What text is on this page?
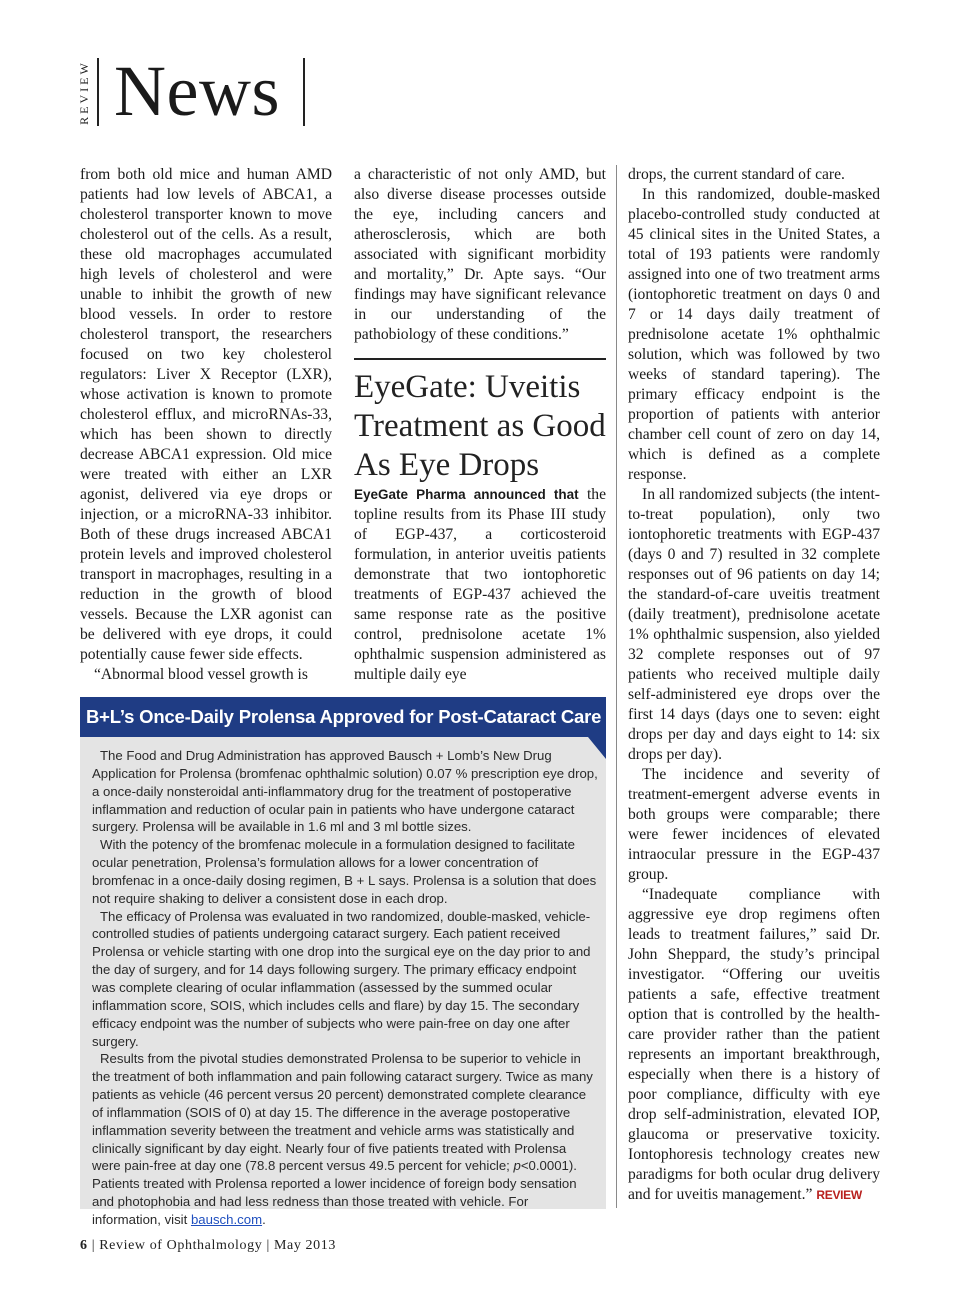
REVIEW News

from both old mice and human AMD patients had low levels of ABCA1, a cholesterol transporter known to move cholesterol out of the cells. As a result, these old macrophages accumulated high levels of cholesterol and were unable to inhibit the growth of new blood vessels. In order to restore cholesterol transport, the researchers focused on two key cholesterol regulators: Liver X Receptor (LXR), whose activation is known to promote cholesterol efflux, and microRNAs-33, which has been shown to directly decrease ABCA1 expression. Old mice were treated with either an LXR agonist, delivered via eye drops or injection, or a microRNA-33 inhibitor. Both of these drugs increased ABCA1 protein levels and improved cholesterol transport in macrophages, resulting in a reduction in the growth of blood vessels. Because the LXR agonist can be delivered with eye drops, it could potentially cause fewer side effects.

“Abnormal blood vessel growth is

a characteristic of not only AMD, but also diverse disease processes outside the eye, including cancers and atherosclerosis, which are both associated with significant morbidity and mortality,” Dr. Apte says. “Our findings may have significant relevance in our understanding of the pathobiology of these conditions.”

EyeGate: Uveitis Treatment as Good As Eye Drops

EyeGate Pharma announced that the topline results from its Phase III study of EGP-437, a corticosteroid formulation, in anterior uveitis patients demonstrate that two iontophoretic treatments of EGP-437 achieved the same response rate as the positive control, prednisolone acetate 1% ophthalmic suspension administered as multiple daily eye

drops, the current standard of care.

In this randomized, double-masked placebo-controlled study conducted at 45 clinical sites in the United States, a total of 193 patients were randomly assigned into one of two treatment arms (iontophoretic treatment on days 0 and 7 or 14 days daily treatment of prednisolone acetate 1% ophthalmic solution, which was followed by two weeks of standard tapering). The primary efficacy endpoint is the proportion of patients with anterior chamber cell count of zero on day 14, which is defined as a complete response.

In all randomized subjects (the intent-to-treat population), only two iontophoretic treatments with EGP-437 (days 0 and 7) resulted in 32 complete responses out of 96 patients on day 14; the standard-of-care uveitis treatment (daily treatment), prednisolone acetate 1% ophthalmic suspension, also yielded 32 complete responses out of 97 patients who received multiple daily self-administered eye drops over the first 14 days (days one to seven: eight drops per day and days eight to 14: six drops per day).

The incidence and severity of treatment-emergent adverse events in both groups were comparable; there were fewer incidences of elevated intraocular pressure in the EGP-437 group.

“Inadequate compliance with aggressive eye drop regimens often leads to treatment failures,” said Dr. John Sheppard, the study’s principal investigator. “Offering our uveitis patients a safe, effective treatment option that is controlled by the health-care provider rather than the patient represents an important breakthrough, especially when there is a history of poor compliance, difficulty with eye drop self-administration, elevated IOP, glaucoma or preservative toxicity. Iontophoresis technology creates new paradigms for both ocular drug delivery and for uveitis management.” REVIEW

B+L’s Once-Daily Prolensa Approved for Post-Cataract Care

The Food and Drug Administration has approved Bausch + Lomb’s New Drug Application for Prolensa (bromfenac ophthalmic solution) 0.07 % prescription eye drop, a once-daily nonsteroidal anti-inflammatory drug for the treatment of postoperative inflammation and reduction of ocular pain in patients who have undergone cataract surgery. Prolensa will be available in 1.6 ml and 3 ml bottle sizes.

With the potency of the bromfenac molecule in a formulation designed to facilitate ocular penetration, Prolensa’s formulation allows for a lower concentration of bromfenac in a once-daily dosing regimen, B + L says. Prolensa is a solution that does not require shaking to deliver a consistent dose in each drop.

The efficacy of Prolensa was evaluated in two randomized, double-masked, vehicle-controlled studies of patients undergoing cataract surgery. Each patient received Prolensa or vehicle starting with one drop into the surgical eye on the day prior to and the day of surgery, and for 14 days following surgery. The primary efficacy endpoint was complete clearing of ocular inflammation (assessed by the summed ocular inflammation score, SOIS, which includes cells and flare) by day 15. The secondary efficacy endpoint was the number of subjects who were pain-free on day one after surgery.

Results from the pivotal studies demonstrated Prolensa to be superior to vehicle in the treatment of both inflammation and pain following cataract surgery. Twice as many patients as vehicle (46 percent versus 20 percent) demonstrated complete clearance of inflammation (SOIS of 0) at day 15. The difference in the average postoperative inflammation severity between the treatment and vehicle arms was statistically and clinically significant by day eight. Nearly four of five patients treated with Prolensa were pain-free at day one (78.8 percent versus 49.5 percent for vehicle; p<0.0001). Patients treated with Prolensa reported a lower incidence of foreign body sensation and photophobia and had less redness than those treated with vehicle. For information, visit bausch.com.

6 | Review of Ophthalmology | May 2013
